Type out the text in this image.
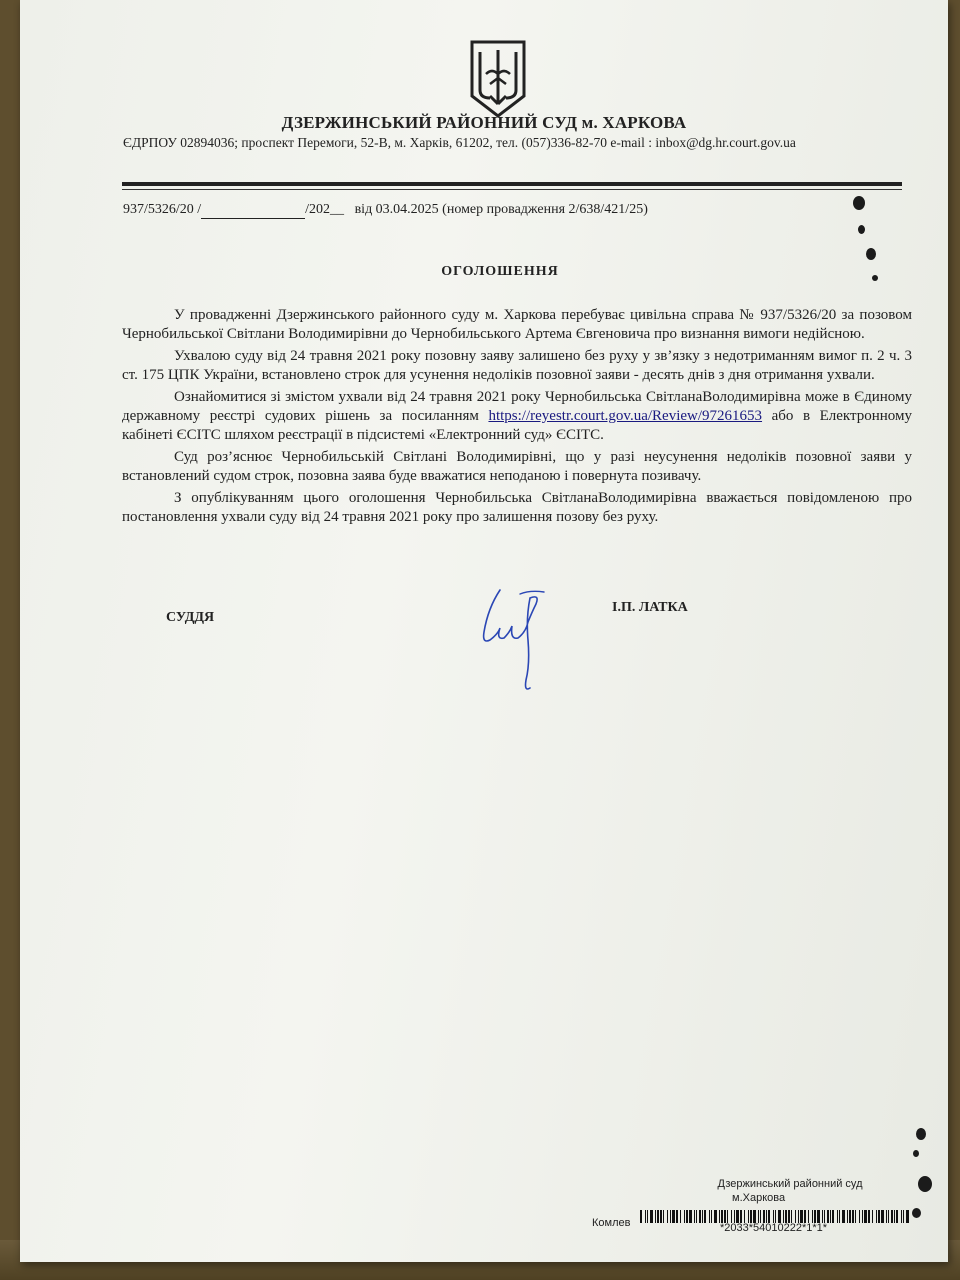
ДЗЕРЖИНСЬКИЙ РАЙОННИЙ СУД м. ХАРКОВА
ЄДРПОУ 02894036; проспект Перемоги, 52-В, м. Харків, 61202, тел. (057)336-82-70 e-mail : inbox@dg.hr.court.gov.ua
937/5326/20 /	/202__ від 03.04.2025 (номер провадження 2/638/421/25)
ОГОЛОШЕННЯ

У провадженні Дзержинського районного суду м. Харкова перебуває цивільна справа № 937/5326/20 за позовом Чернобильської Світлани Володимирівни до Чернобильського Артема Євгеновича про визнання вимоги недійсною.

Ухвалою суду від 24 травня 2021 року позовну заяву залишено без руху у зв’язку з недотриманням вимог п. 2 ч. 3 ст. 175 ЦПК України, встановлено строк для усунення недоліків позовної заяви - десять днів з дня отримання ухвали.

Ознайомитися зі змістом ухвали від 24 травня 2021 року Чернобильська СвітланаВолодимирівна може в Єдиному державному реєстрі судових рішень за посиланням https://reyestr.court.gov.ua/Review/97261653 або в Електронному кабінеті ЄСІТС шляхом реєстрації в підсистемі «Електронний суд» ЄСІТС.

Суд роз’яснює Чернобильській Світлані Володимирівні, що у разі неусунення недоліків позовної заяви у встановлений судом строк, позовна заява буде вважатися неподаною і повернута позивачу.

З опублікуванням цього оголошення Чернобильська СвітланаВолодимирівна вважається повідомленою про постановлення ухвали суду від 24 травня 2021 року про залишення позову без руху.

СУДДЯ
І.П. ЛАТКА
Дзержинський районний суд
м.Харкова
Комлев	*2033*54010222*1*1*
